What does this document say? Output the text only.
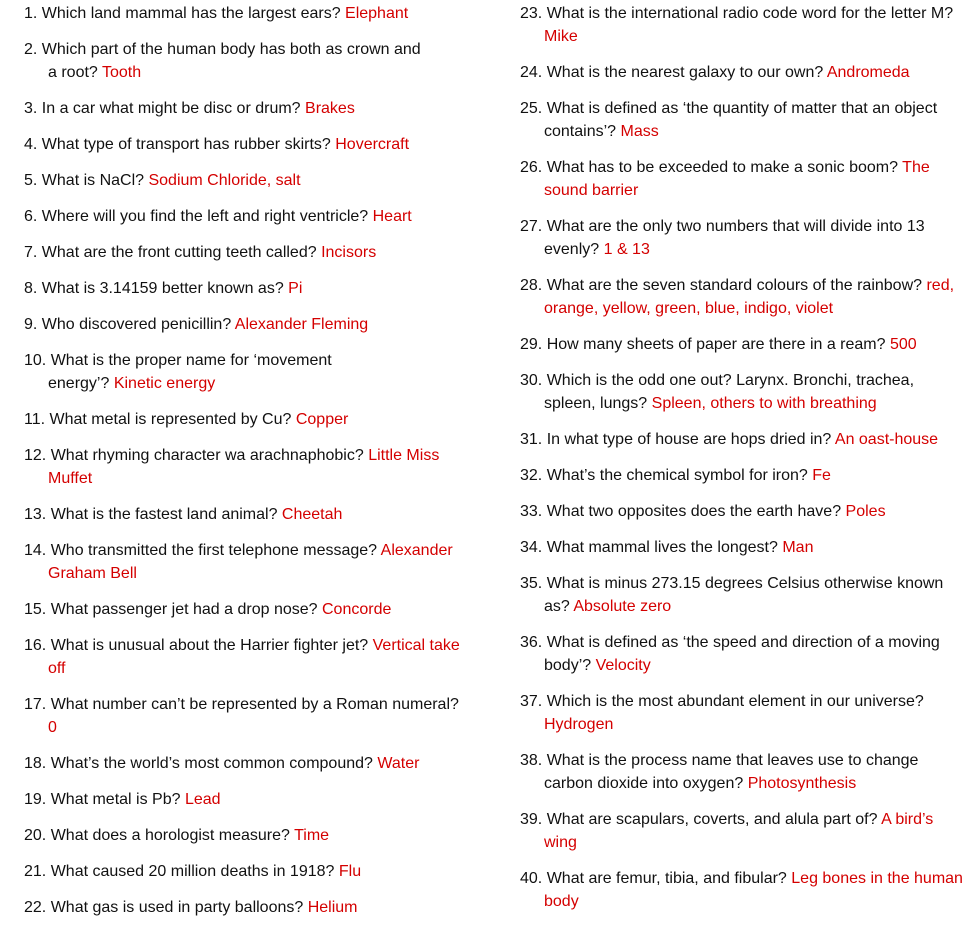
1. Which land mammal has the largest ears? Elephant

2. Which part of the human body has both as crown and
a root? Tooth

3. In a car what might be disc or drum? Brakes

4. What type of transport has rubber skirts? Hovercraft

5. What is NaCl? Sodium Chloride, salt

6. Where will you find the left and right ventricle? Heart

7. What are the front cutting teeth called? Incisors

8. What is 3.14159 better known as? Pi

9. Who discovered penicillin? Alexander Fleming

10. What is the proper name for ‘movement
energy’? Kinetic energy

11. What metal is represented by Cu? Copper

12. What rhyming character wa arachnaphobic? Little Miss
Muffet

13. What is the fastest land animal? Cheetah

14. Who transmitted the first telephone message? Alexander
Graham Bell

15. What passenger jet had a drop nose? Concorde

16. What is unusual about the Harrier fighter jet? Vertical take
off

17. What number can’t be represented by a Roman numeral?
0

18. What’s the world’s most common compound? Water

19. What metal is Pb? Lead

20. What does a horologist measure? Time

21. What caused 20 million deaths in 1918? Flu

22. What gas is used in party balloons? Helium

23. What is the international radio code word for the letter M?
Mike

24. What is the nearest galaxy to our own? Andromeda

25. What is defined as ‘the quantity of matter that an object
contains’? Mass

26. What has to be exceeded to make a sonic boom? The
sound barrier

27. What are the only two numbers that will divide into 13
evenly? 1 & 13

28. What are the seven standard colours of the rainbow? red,
orange, yellow, green, blue, indigo, violet

29. How many sheets of paper are there in a ream? 500

30. Which is the odd one out? Larynx. Bronchi, trachea,
spleen, lungs? Spleen, others to with breathing

31. In what type of house are hops dried in? An oast-house

32. What’s the chemical symbol for iron? Fe

33. What two opposites does the earth have? Poles

34. What mammal lives the longest? Man

35. What is minus 273.15 degrees Celsius otherwise known
as? Absolute zero

36. What is defined as ‘the speed and direction of a moving
body’? Velocity

37. Which is the most abundant element in our universe?
Hydrogen

38. What is the process name that leaves use to change
carbon dioxide into oxygen? Photosynthesis

39. What are scapulars, coverts, and alula part of? A bird’s
wing

40. What are femur, tibia, and fibular? Leg bones in the human
body
